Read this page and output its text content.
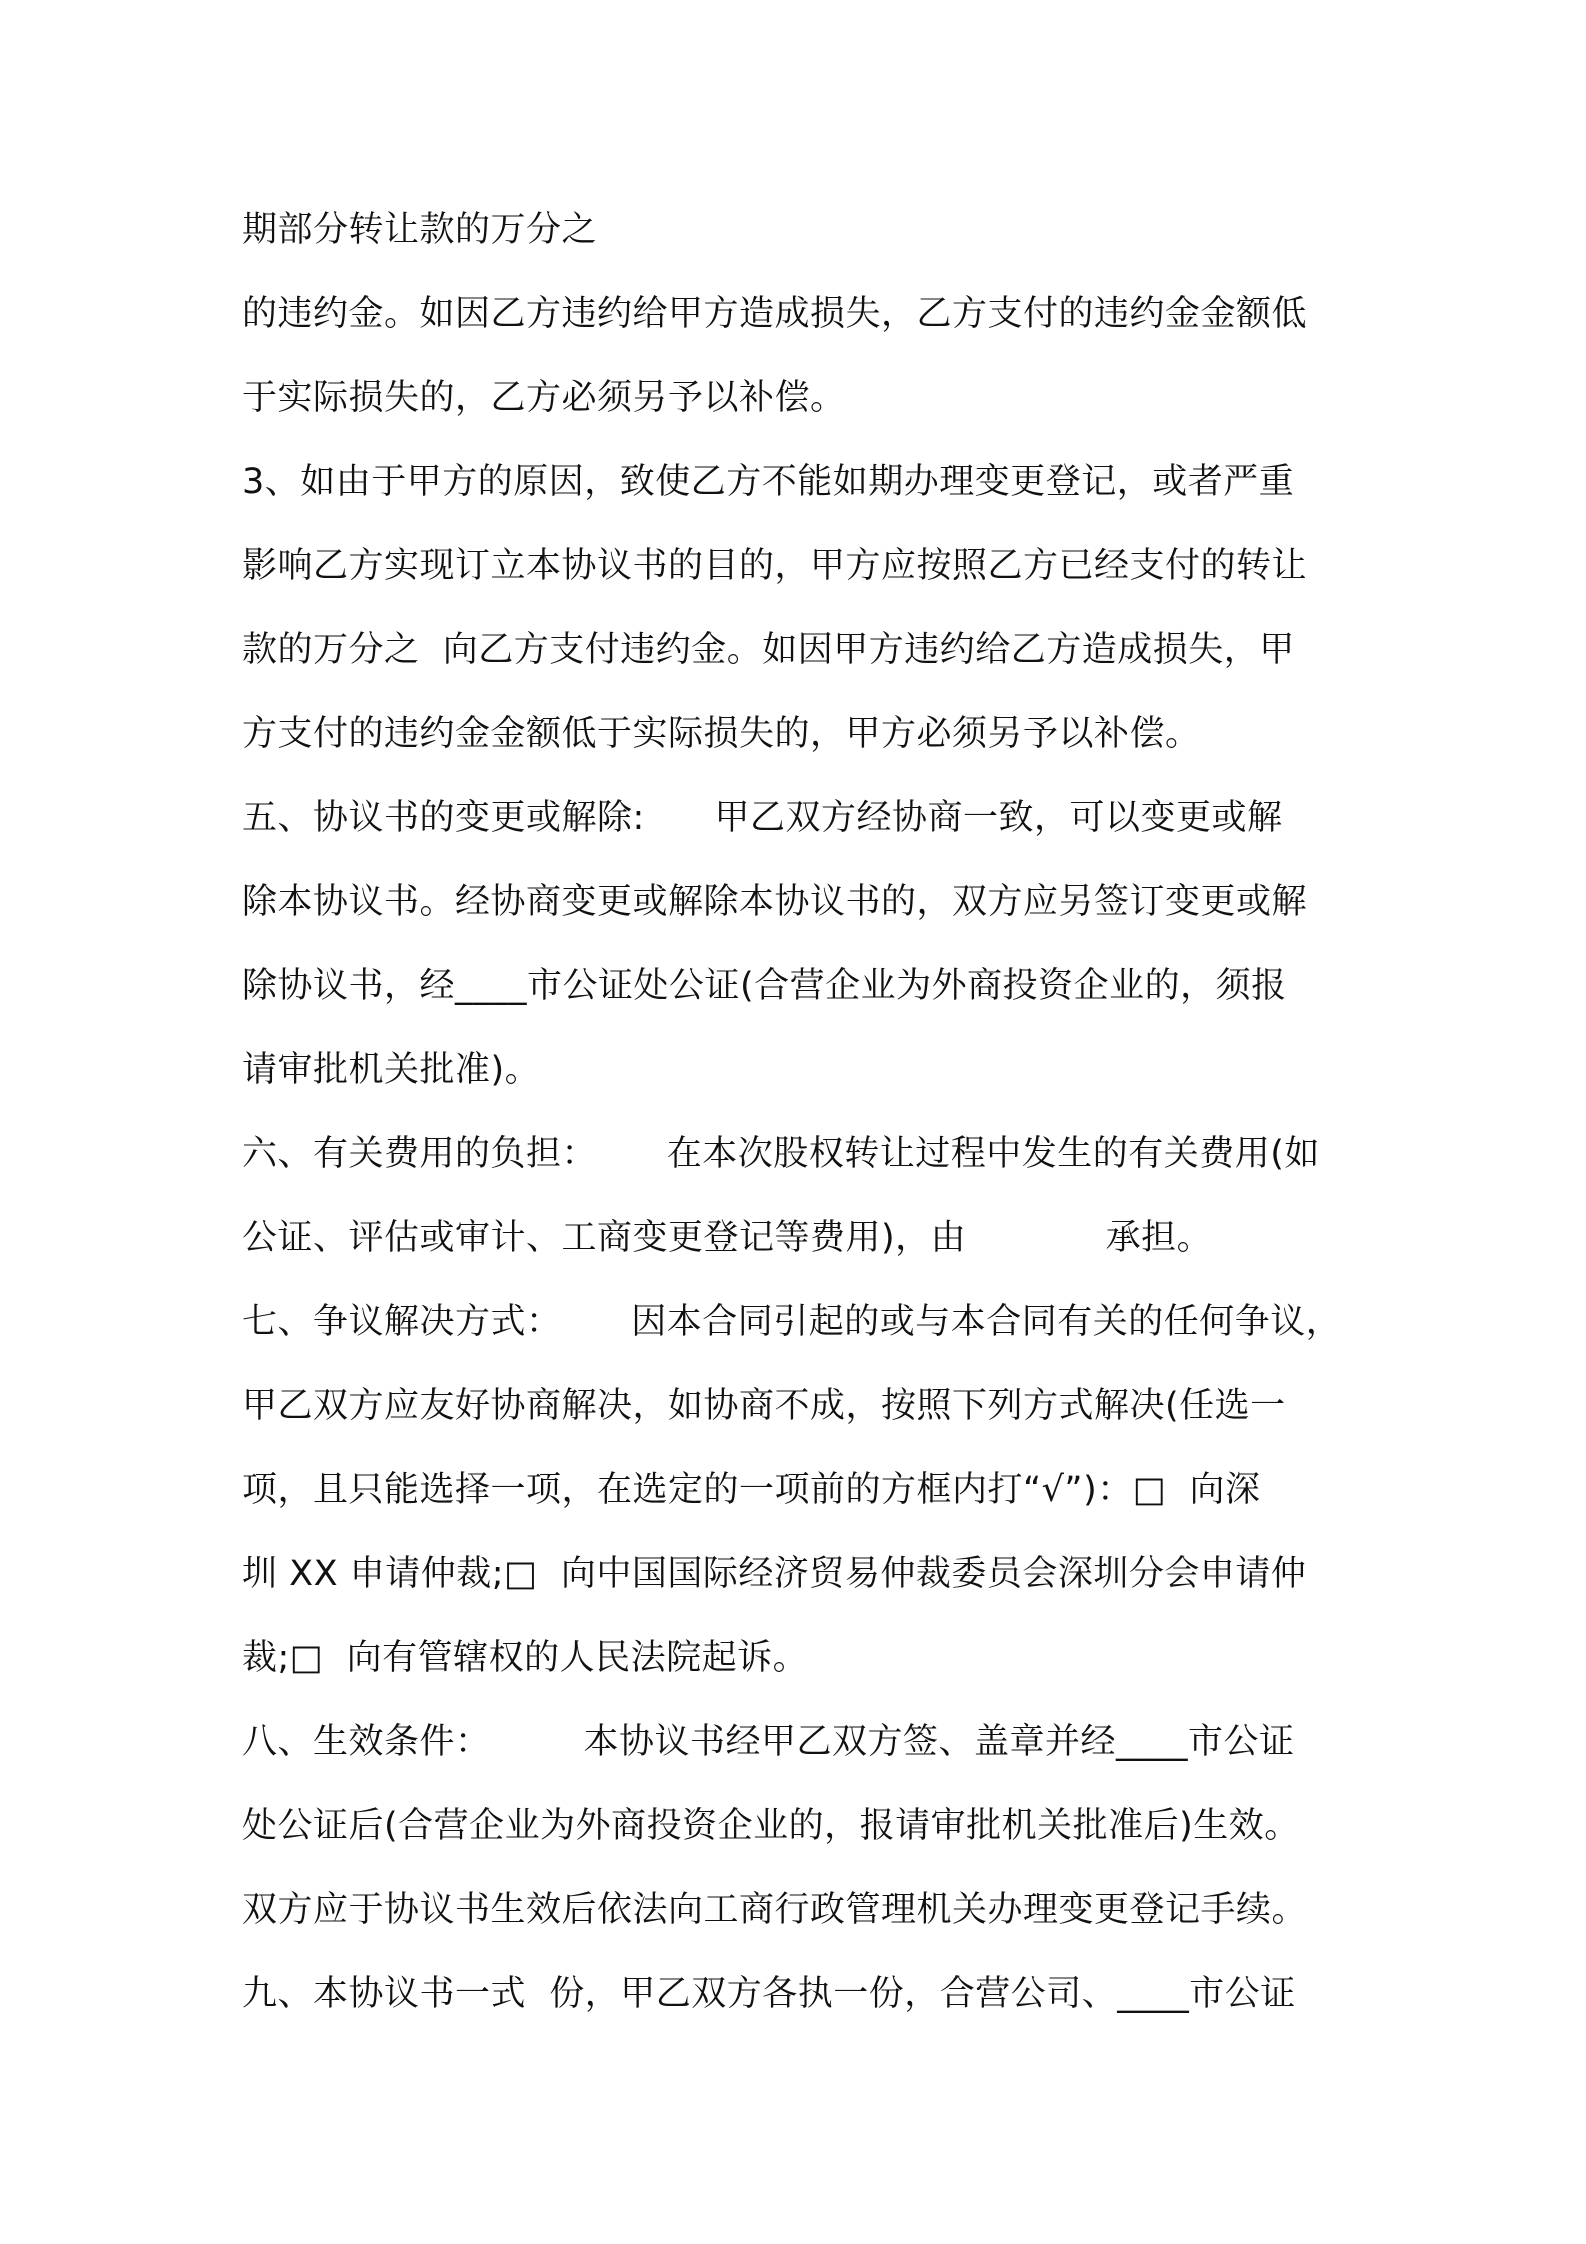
期部分转让款的万分之
的违约金。如因乙方违约给甲方造成损失，乙方支付的违约金金额低
于实际损失的，乙方必须另予以补偿。
3、如由于甲方的原因，致使乙方不能如期办理变更登记，或者严重
影响乙方实现订立本协议书的目的，甲方应按照乙方已经支付的转让
款的万分之  向乙方支付违约金。如因甲方违约给乙方造成损失，甲
方支付的违约金金额低于实际损失的，甲方必须另予以补偿。
五、协议书的变更或解除:      甲乙双方经协商一致，可以变更或解
除本协议书。经协商变更或解除本协议书的，双方应另签订变更或解
除协议书，经____市公证处公证(合营企业为外商投资企业的，须报
请审批机关批准)。
六、有关费用的负担：      在本次股权转让过程中发生的有关费用(如
公证、评估或审计、工商变更登记等费用)，由            承担。
七、争议解决方式：      因本合同引起的或与本合同有关的任何争议，
甲乙双方应友好协商解决，如协商不成，按照下列方式解决(任选一
项，且只能选择一项，在选定的一项前的方框内打“√”)：□  向深
圳 XX 申请仲裁;□  向中国国际经济贸易仲裁委员会深圳分会申请仲
裁;□  向有管辖权的人民法院起诉。
八、生效条件：        本协议书经甲乙双方签、盖章并经____市公证
处公证后(合营企业为外商投资企业的，报请审批机关批准后)生效。
双方应于协议书生效后依法向工商行政管理机关办理变更登记手续。
九、本协议书一式  份，甲乙双方各执一份，合营公司、____市公证
